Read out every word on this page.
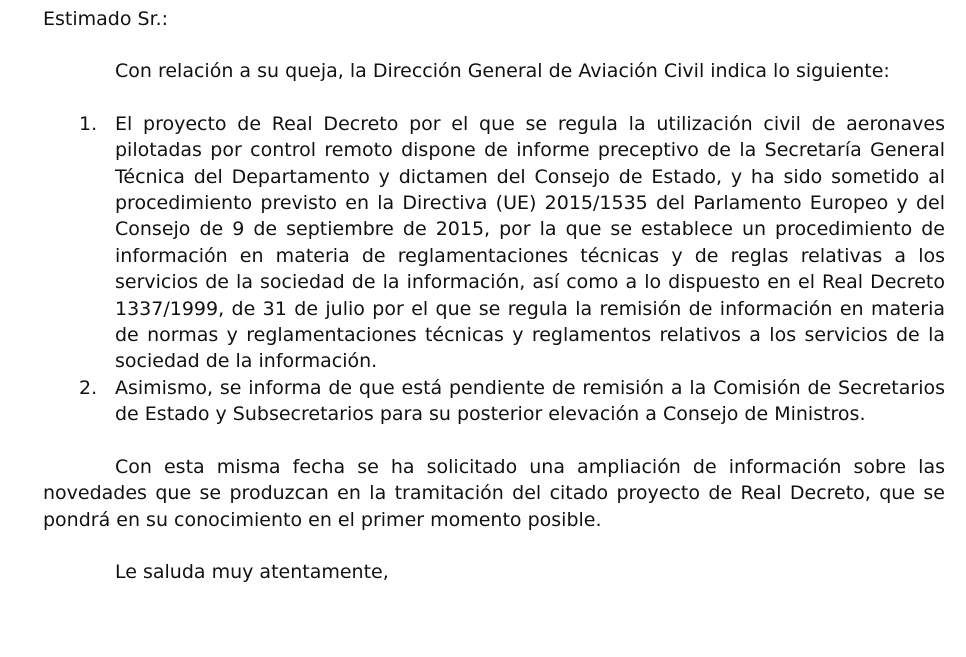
Estimado Sr.:

Con relación a su queja, la Dirección General de Aviación Civil indica lo siguiente:

1. El proyecto de Real Decreto por el que se regula la utilización civil de aeronaves pilotadas por control remoto dispone de informe preceptivo de la Secretaría General Técnica del Departamento y dictamen del Consejo de Estado, y ha sido sometido al procedimiento previsto en la Directiva (UE) 2015/1535 del Parlamento Europeo y del Consejo de 9 de septiembre de 2015, por la que se establece un procedimiento de información en materia de reglamentaciones técnicas y de reglas relativas a los servicios de la sociedad de la información, así como a lo dispuesto en el Real Decreto 1337/1999, de 31 de julio por el que se regula la remisión de información en materia de normas y reglamentaciones técnicas y reglamentos relativos a los servicios de la sociedad de la información.
2. Asimismo, se informa de que está pendiente de remisión a la Comisión de Secretarios de Estado y Subsecretarios para su posterior elevación a Consejo de Ministros.

Con esta misma fecha se ha solicitado una ampliación de información sobre las novedades que se produzcan en la tramitación del citado proyecto de Real Decreto, que se pondrá en su conocimiento en el primer momento posible.

Le saluda muy atentamente,
